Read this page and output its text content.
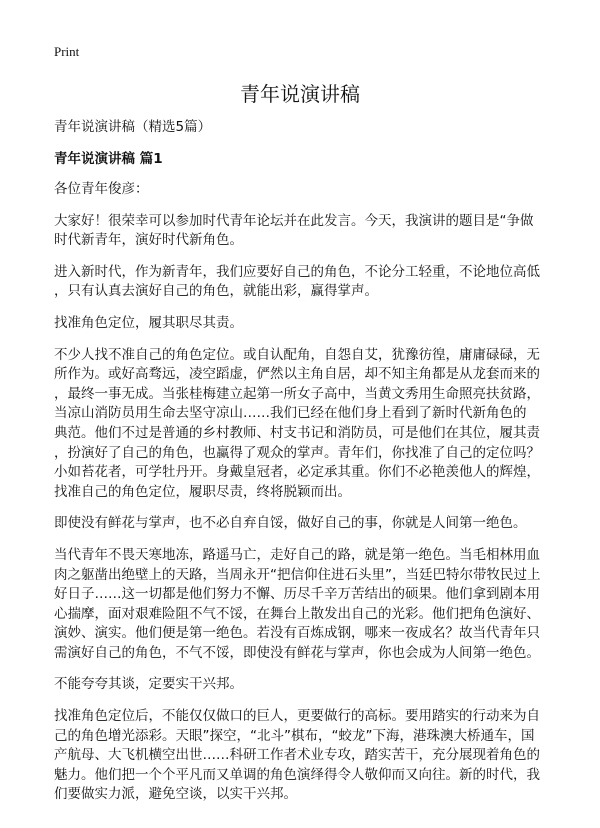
Print
青年说演讲稿
青年说演讲稿（精选5篇）
青年说演讲稿 篇1
各位青年俊彦：
大家好！很荣幸可以参加时代青年论坛并在此发言。今天，我演讲的题目是“争做
时代新青年，演好时代新角色。
进入新时代，作为新青年，我们应要好自己的角色，不论分工轻重，不论地位高低
，只有认真去演好自己的角色，就能出彩，赢得掌声。
找准角色定位，履其职尽其责。
不少人找不准自己的角色定位。或自认配角，自怨自艾，犹豫彷徨，庸庸碌碌，无
所作为。或好高骛远，凌空蹈虚，俨然以主角自居，却不知主角都是从龙套而来的
，最终一事无成。当张桂梅建立起第一所女子高中，当黄文秀用生命照亮扶贫路，
当凉山消防员用生命去坚守凉山……我们已经在他们身上看到了新时代新角色的
典范。他们不过是普通的乡村教师、村支书记和消防员，可是他们在其位，履其责
，扮演好了自己的角色，也赢得了观众的掌声。青年们，你找准了自己的定位吗？
小如苔花者，可学牡丹开。身戴皇冠者，必定承其重。你们不必艳羡他人的辉煌，
找准自己的角色定位，履职尽责，终将脱颖而出。
即使没有鲜花与掌声，也不必自弃自馁，做好自己的事，你就是人间第一绝色。
当代青年不畏天寒地冻，路遥马亡，走好自己的路，就是第一绝色。当毛相林用血
肉之躯凿出绝壁上的天路，当周永开“把信仰住进石头里”，当廷巴特尔带牧民过上
好日子……这一切都是他们努力不懈、历尽千辛万苦结出的硕果。他们拿到剧本用
心揣摩，面对艰难险阻不气不馁，在舞台上散发出自己的光彩。他们把角色演好、
演妙、演实。他们便是第一绝色。若没有百炼成钢，哪来一夜成名？故当代青年只
需演好自己的角色，不气不馁，即使没有鲜花与掌声，你也会成为人间第一绝色。
不能夸夸其谈，定要实干兴邦。
找准角色定位后，不能仅仅做口的巨人，更要做行的高标。要用踏实的行动来为自
己的角色增光添彩。天眼”探空，“北斗”棋布，“蛟龙”下海，港珠澳大桥通车，国
产航母、大飞机横空出世……科研工作者术业专攻，踏实苦干，充分展现着角色的
魅力。他们把一个个平凡而又单调的角色演绎得令人敬仰而又向往。新的时代，我
们要做实力派，避免空谈，以实干兴邦。
